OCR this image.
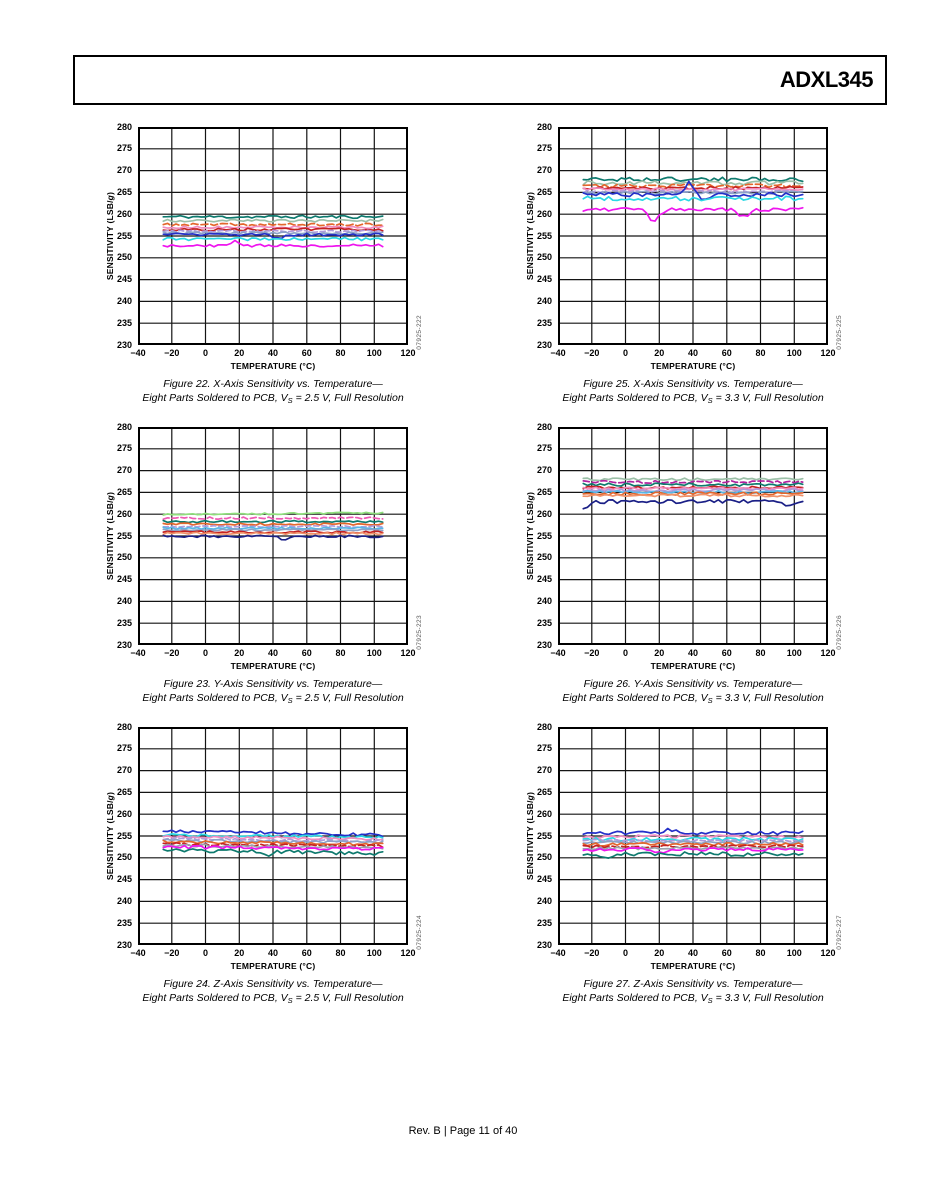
ADXL345
SENSITIVITY (LSB/g)
230
235
240
245
250
255
260
265
270
275
280
−40	−20	0	20	40	60	80	100	120
TEMPERATURE (°C)
07925-222
Figure 22. X-Axis Sensitivity vs. Temperature—
Eight Parts Soldered to PCB, VS = 2.5 V, Full Resolution
SENSITIVITY (LSB/g)
230
235
240
245
250
255
260
265
270
275
280
−40	−20	0	20	40	60	80	100	120
TEMPERATURE (°C)
07925-225
Figure 25. X-Axis Sensitivity vs. Temperature—
Eight Parts Soldered to PCB, VS = 3.3 V, Full Resolution
SENSITIVITY (LSB/g)
230
235
240
245
250
255
260
265
270
275
280
−40	−20	0	20	40	60	80	100	120
TEMPERATURE (°C)
07925-223
Figure 23. Y-Axis Sensitivity vs. Temperature—
Eight Parts Soldered to PCB, VS = 2.5 V, Full Resolution
SENSITIVITY (LSB/g)
230
235
240
245
250
255
260
265
270
275
280
−40	−20	0	20	40	60	80	100	120
TEMPERATURE (°C)
07925-226
Figure 26. Y-Axis Sensitivity vs. Temperature—
Eight Parts Soldered to PCB, VS = 3.3 V, Full Resolution
SENSITIVITY (LSB/g)
230
235
240
245
250
255
260
265
270
275
280
−40	−20	0	20	40	60	80	100	120
TEMPERATURE (°C)
07925-224
Figure 24. Z-Axis Sensitivity vs. Temperature—
Eight Parts Soldered to PCB, VS = 2.5 V, Full Resolution
SENSITIVITY (LSB/g)
230
235
240
245
250
255
260
265
270
275
280
−40	−20	0	20	40	60	80	100	120
TEMPERATURE (°C)
07925-227
Figure 27. Z-Axis Sensitivity vs. Temperature—
Eight Parts Soldered to PCB, VS = 3.3 V, Full Resolution
Rev. B | Page 11 of 40
